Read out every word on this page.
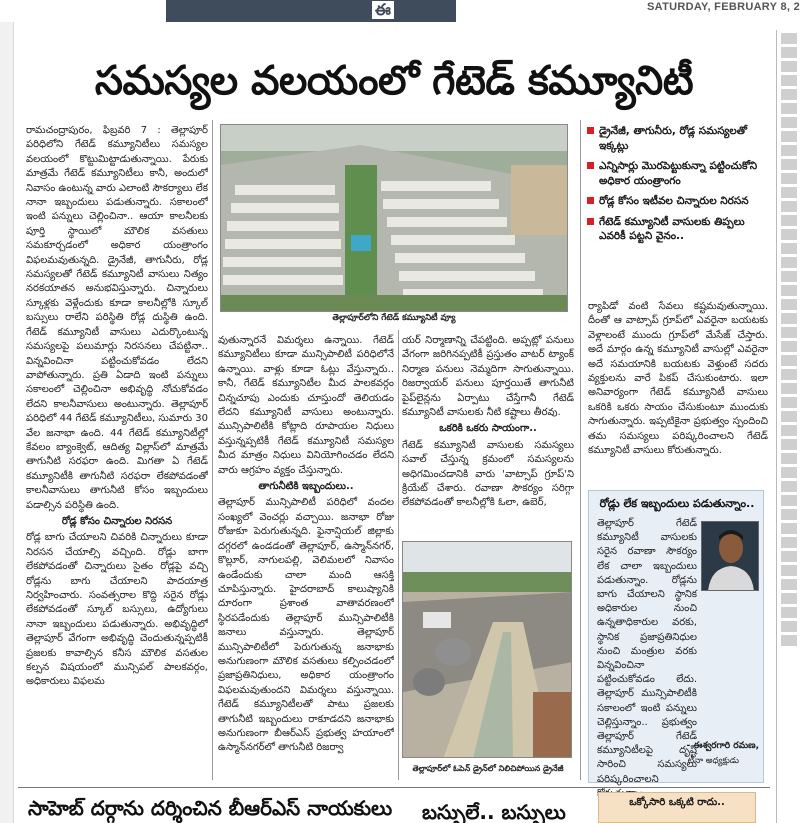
ఈ	SATURDAY, FEBRUARY 8, 2
సమస్యల వలయంలో గేటెడ్‌ కమ్యూనిటీ

రామచంద్రాపురం, ఫిబ్రవరి 7 : తెల్లాపూర్‌ పరిధిలోని గేటెడ్‌ కమ్యూనిటీలు సమస్యల వలయంలో కొట్టుమిట్టాడుతున్నాయి. పేరుకు మాత్రమే గేటెడ్‌ కమ్యూనిటీలు కానీ, అందులో నివాసం ఉంటున్న వారు ఎలాంటి సౌకర్యాలు లేక నానా ఇబ్బందులు పడుతున్నారు. సకాలంలో ఇంటి పన్నులు చెల్లించినా.. ఆయా కాలనీలకు పూర్తి స్థాయిలో మౌలిక వసతులు సమకూర్చడంలో అధికార యంత్రాంగం విఫలమవుతున్నది. డ్రైనేజీ, తాగునీరు, రోడ్ల సమస్యలతో గేటెడ్‌ కమ్యూనిటీ వాసులు నిత్యం నరకయాతన అనుభవిస్తున్నారు. చిన్నారులు స్కూళ్లకు వెళ్లేందుకు కూడా కాలనీల్లోకి స్కూల్‌ బస్సులు రాలేని పరిస్థితి రోడ్ల దుస్థితి ఉంది. గేటెడ్‌ కమ్యూనిటీ వాసులు ఎదుర్కొంటున్న సమస్యలపై పలుమార్లు నిరసనలు చేపట్టినా.. విన్నవించినా పట్టించుకోవడం లేదని వాపోతున్నారు. ప్రతి ఏడాది ఇంటి పన్నులు సకాలంలో చెల్లించినా అభివృద్ధి నోచుకోవడం లేదని కాలనీవాసులు అంటున్నారు. తెల్లాపూర్‌ పరిధిలో 44 గేటెడ్‌ కమ్యూనిటీలు, సుమారు 30 వేల జనాభా ఉంది. 44 గేటెడ్‌ కమ్యూనిటీల్లో కేవలం బ్యాంక్వెట్‌, ఆదిత్య విల్లాస్‌లో మాత్రమే తాగునీటి సరఫరా ఉంది. మిగతా ఏ గేటెడ్‌ కమ్యూనిటీకి తాగునీటి సరఫరా లేకపోవడంతో కాలనీవాసులు తాగునీటి కోసం ఇబ్బందులు పడాల్సిన పరిస్థితి ఉంది.

రోడ్ల కోసం చిన్నారుల నిరసన

రోడ్ల బాగు చేయాలని చివరికి చిన్నారులు కూడా నిరసన చేయాల్సి వచ్చింది. రోడ్లు బాగా లేకపోవడంతో చిన్నారులు సైతం రోడ్లపై వచ్చి రోడ్లను బాగు చేయాలని పాదయాత్ర నిర్వహించారు. సంవత్సరాల కొద్ది సరైన రోడ్లు లేకపోవడంతో స్కూల్‌ బస్సులు, ఉద్యోగులు నానా ఇబ్బందులు పడుతున్నారు. అభివృద్ధిలో తెల్లాపూర్‌ వేగంగా అభివృద్ధి చెందుతున్నప్పటికీ ప్రజలకు కావాల్సిన కనీస మౌలిక వసతుల కల్పన విషయంలో మున్సిపల్‌ పాలకవర్గం, అధికారులు విఫలమ

తెల్లాపూర్‌లోని గేటెడ్‌ కమ్యూనిటీ వ్యూ
డ్రైనేజీ, తాగునీరు, రోడ్ల సమస్యలతో ఇక్కట్లు
ఎన్నిసార్లు మొరపెట్టుకున్నా పట్టించుకోని అధికార యంత్రాంగం
రోడ్ల కోసం ఇటీవల చిన్నారుల నిరసన
గేటెడ్‌ కమ్యూనిటీ వాసులకు తిప్పలు ఎవరికీ పట్టని వైనం..

వుతున్నారనే విమర్శలు ఉన్నాయి. గేటెడ్‌ కమ్యూనిటీలు కూడా మున్సిపాలిటీ పరిధిలోనే ఉన్నాయి. వాళ్లు కూడా ఓట్లు వేస్తున్నారు.. కానీ, గేటెడ్‌ కమ్యూనిటీల మీద పాలకవర్గం చిన్నచూపు ఎందుకు చూస్తుందో తెలియడం లేదని కమ్యూనిటీ వాసులు అంటున్నారు. మున్సిపాలిటీకి కోట్లాది రూపాయల నిధులు వస్తున్నప్పటికీ గేటెడ్‌ కమ్యూనిటీ సమస్యల మీద మాత్రం నిధులు వినియోగించడం లేదని వారు ఆగ్రహం వ్యక్తం చేస్తున్నారు.

తాగునీటికి ఇబ్బందులు..

తెల్లాపూర్‌ మున్సిపాలిటీ పరిధిలో వందల సంఖ్యలో వెంచర్లు వచ్చాయి. జనాభా రోజు రోజుకూ పెరుగుతున్నది. ఫైనాన్షియల్‌ జిల్లాకు దగ్గరలో ఉండడంతో తెల్లాపూర్‌, ఉస్మాన్‌నగర్‌, కొల్లూర్‌, నాగులపల్లి, వెలిమలలో నివాసం ఉండేందుకు చాలా మంది ఆసక్తి చూపిస్తున్నారు. హైదరాబాద్‌ కాలుష్యానికి దూరంగా ప్రశాంత వాతావరణంలో స్థిరపడేందుకు తెల్లాపూర్‌ మున్సిపాలిటీకి జనాలు వస్తున్నారు. తెల్లాపూర్‌ మున్సిపాలిటీలో పెరుగుతున్న జనాభాకు అనుగుణంగా మౌలిక వసతులు కల్పించడంలో ప్రజాప్రతినిధులు, అధికార యంత్రాంగం విఫలమవుతుందని విమర్శలు వస్తున్నాయి. గేటెడ్‌ కమ్యూనిటీలతో పాటు ప్రజలకు తాగునీటి ఇబ్బందులు రాకూడదని జనాభాకు అనుగుణంగా బీఆర్‌ఎస్‌ ప్రభుత్వ హయాంలో ఉస్మాన్‌నగర్‌లో తాగునీటి రిజర్వా

యర్‌ నిర్మాణాన్ని చేపట్టింది. అప్పట్లో పనులు వేగంగా జరిగినప్పటికీ ప్రస్తుతం వాటర్‌ ట్యాంక్‌ నిర్మాణ పనులు నెమ్మదిగా సాగుతున్నాయి. రిజర్వాయర్‌ పనులు పూర్తయితే తాగునీటి పైప్‌లైన్లను ఏర్పాటు చేస్తేగానీ గేటెడ్‌ కమ్యూనిటీ వాసులకు నీటి కష్టాలు తీరవు.

ఒకరికి ఒకరు సాయంగా..

గేటెడ్‌ కమ్యూనిటీ వాసులకు సమస్యలు సవాల్‌ చేస్తున్న క్రమంలో సమస్యలను అధిగమించడానికి వారు 'వాట్సాప్‌ గ్రూప్‌'ని క్రియేట్‌ చేశారు. రవాణా సౌకర్యం సరిగ్గా లేకపోవడంతో కాలనీల్లోకి ఓలా, ఉబెర్‌,

తెల్లాపూర్‌లో ఓపెన్‌ డ్రైన్‌లో నిలిచిపోయిన డ్రైనేజీ

ర్యాపిడో వంటి సేవలు కష్టమవుతున్నాయి. దీంతో ఆ వాట్సాప్‌ గ్రూప్‌లో ఎవరైనా బయటకు వెళ్లాలంటే ముందు గ్రూప్‌లో మేసేజ్‌ చేస్తారు. అదే మార్గం ఉన్న కమ్యూనిటీ వాసుల్లో ఎవరైనా అదే సమయానికి బయటకు వెళ్తుంటే సదరు వ్యక్తులను వారే పికప్‌ చేసుకుంటారు. ఇలా అనివార్యంగా గేటెడ్‌ కమ్యూనిటీ వాసులు ఒకరికి ఒకరు సాయం చేసుకుంటూ ముందుకు సాగుతున్నారు. ఇప్పటికైనా ప్రభుత్వం స్పందించి తమ సమస్యలు పరిష్కరించాలని గేటెడ్‌ కమ్యూనిటీ వాసులు కోరుతున్నారు.

రోడ్లు లేక ఇబ్బందులు పడుతున్నాం..
తెల్లాపూర్‌ గేటెడ్‌ కమ్యూనిటీ వాసులకు సరైన రవాణా సౌకర్యం లేక చాలా ఇబ్బందులు పడుతున్నాం. రోడ్లను బాగు చేయాలని స్థానిక అధికారుల నుంచి ఉన్నతాధికారుల వరకు, స్థానిక ప్రజాప్రతినిధుల నుంచి మంత్రుల వరకు విన్నవించినా పట్టించుకోవడం లేదు. తెల్లాపూర్‌ మున్సిపాలిటీకి సకాలంలో ఇంటి పన్నులు చెల్లిస్తున్నాం.. ప్రభుత్వం తెల్లాపూర్‌ గేటెడ్‌ కమ్యూనిటీలపై దృష్టి సారించి సమస్యలు పరిష్కరించాలని
- ఈశ్వరగారి రమణ,
టీనా అధ్యక్షుడు
సాహెబ్‌ దర్గాను దర్శించిన బీఆర్‌ఎస్‌ నాయకులు బస్సులే.. బస్సులు	ఒక్కోసారి ఒక్కటి రాదు..
